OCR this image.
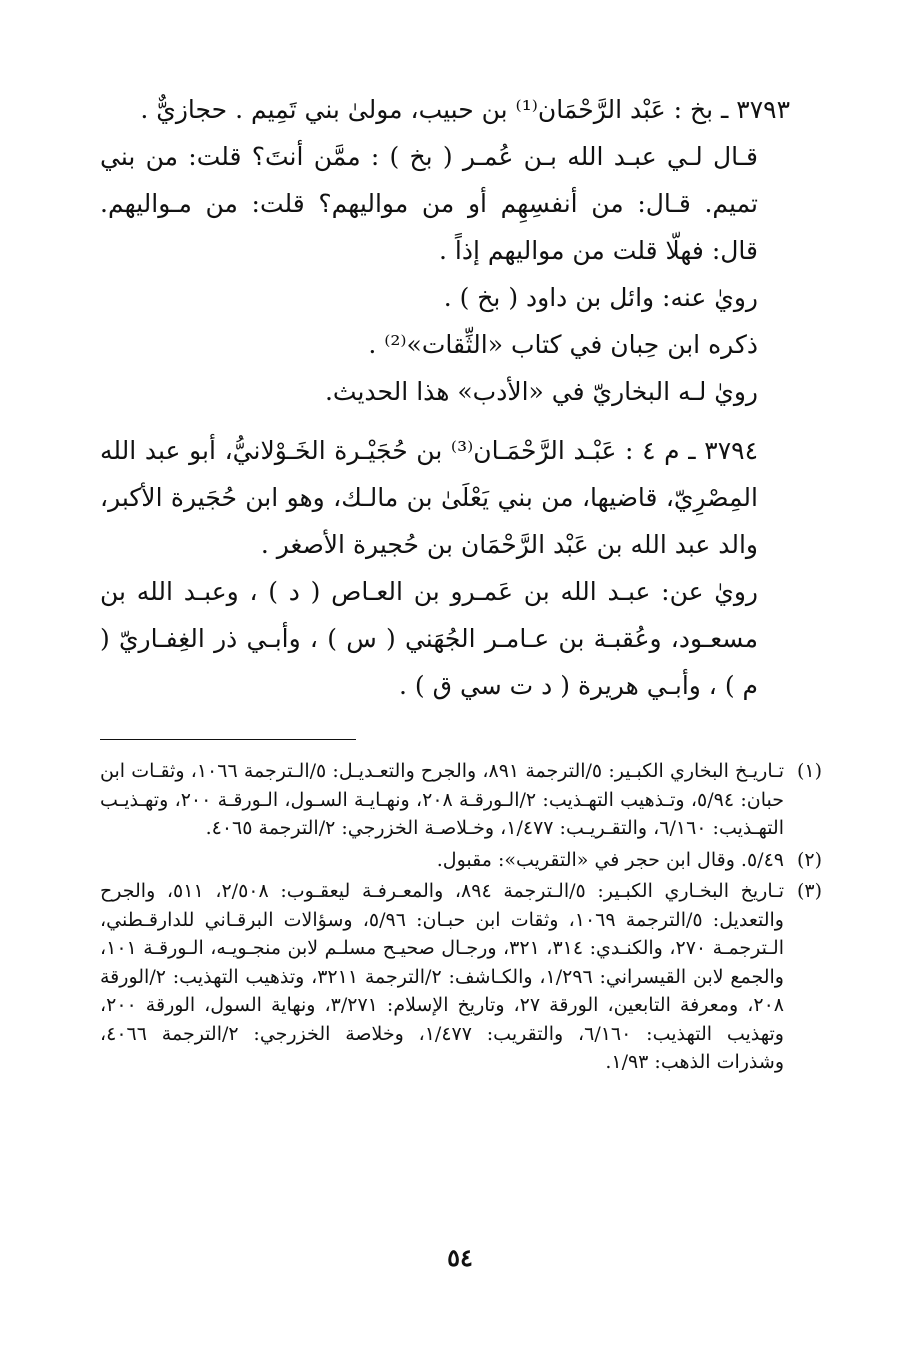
٣٧٩٣ ـ بخ : عَبْد الرَّحْمَان⁽¹⁾ بن حبيب، مولىٰ بني تَمِيم . حجازيٌّ .

قـال لـي عبـد الله بـن عُمـر ( بخ ) : ممَّن أنتَ؟ قلت: من بني تميم. قـال: من أنفسِهِم أو من مواليهم؟ قلت: من مـواليهم. قال: فهلّا قلت من مواليهم إذاً .

رويٰ عنه: وائل بن داود ( بخ ) .

ذكره ابن حِبان في كتاب «الثِّقات»⁽²⁾ .

رويٰ لـه البخاريّ في «الأدب» هذا الحديث.

٣٧٩٤ ـ م ٤ : عَبْـد الرَّحْمَـان⁽³⁾ بن حُجَيْـرة الخَـوْلانيُّ، أبو عبد الله المِصْرِيّ، قاضيها، من بني يَعْلَىٰ بن مالـك، وهو ابن حُجَيرة الأكبر، والد عبد الله بن عَبْد الرَّحْمَان بن حُجيرة الأصغر .

رويٰ عن: عبـد الله بن عَمـرو بن العـاص ( د ) ، وعبـد الله بن مسعـود، وعُقبـة بن عـامـر الجُهَني ( س ) ، وأبـي ذر الغِفـاريّ ( م ) ، وأبـي هريرة ( د ت سي ق ) .

(١)
تـاريـخ البخاري الكبـير: ٥/الترجمة ٨٩١، والجرح والتعـديـل: ٥/الـترجمة ١٠٦٦، وثقـات ابن حبان: ٥/٩٤، وتـذهيب التهـذيب: ٢/الـورقـة ٢٠٨، ونهـايـة السـول، الـورقـة ٢٠٠، وتهـذيـب التهـذيب: ٦/١٦٠، والتقـريـب: ١/٤٧٧، وخـلاصـة الخزرجي: ٢/الترجمة ٤٠٦٥.
(٢)
٥/٤٩. وقال ابن حجر في «التقريب»: مقبول.
(٣)
تـاريخ البخـاري الكبـير: ٥/الـترجمة ٨٩٤، والمعـرفـة ليعقـوب: ٢/٥٠٨، ٥١١، والجرح والتعديل: ٥/الترجمة ١٠٦٩، وثقات ابن حبـان: ٥/٩٦، وسؤالات البرقـاني للدارقـطني، الـترجمـة ٢٧٠، والكنـدي: ٣١٤، ٣٢١، ورجـال صحيـح مسلـم لابن منجـويـه، الـورقـة ١٠١، والجمع لابن القيسراني: ١/٢٩٦، والكـاشف: ٢/الترجمة ٣٢١١، وتذهيب التهذيب: ٢/الورقة ٢٠٨، ومعرفة التابعين، الورقة ٢٧، وتاريخ الإسلام: ٣/٢٧١، ونهاية السول، الورقة ٢٠٠، وتهذيب التهذيب: ٦/١٦٠، والتقريب: ١/٤٧٧، وخلاصة الخزرجي: ٢/الترجمة ٤٠٦٦، وشذرات الذهب: ١/٩٣.
٥٤
